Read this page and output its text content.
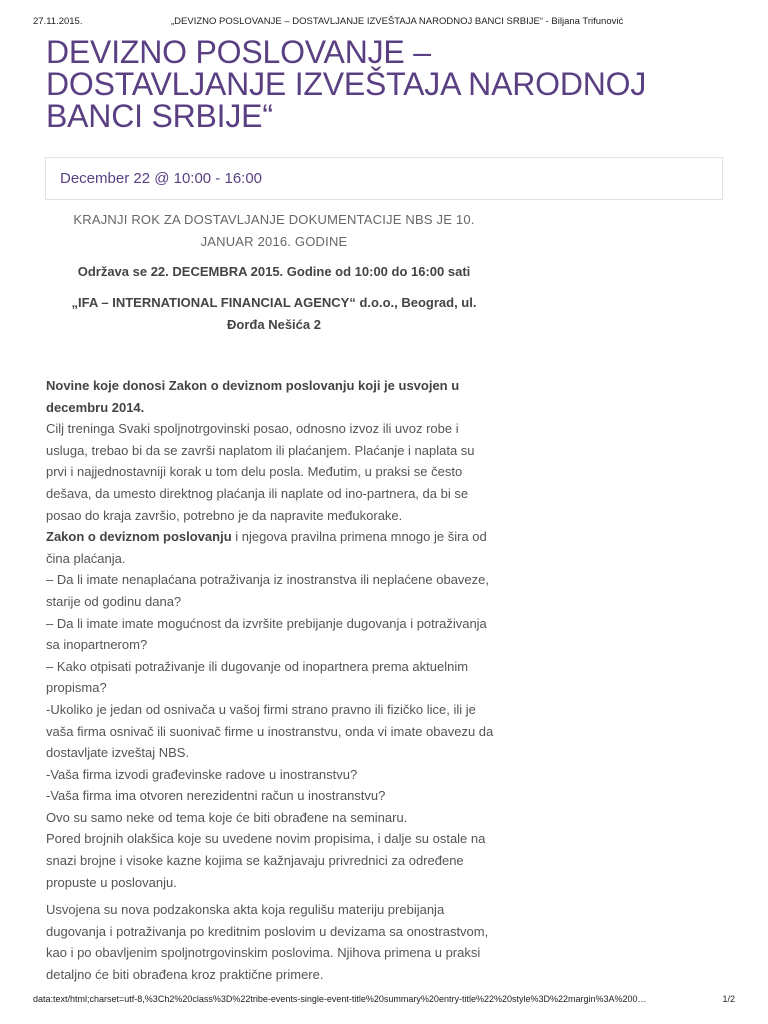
27.11.2015.	„DEVIZNO POSLOVANJE – DOSTAVLJANJE IZVEŠTAJA NARODNOJ BANCI SRBIJE“ - Biljana Trifunović
DEVIZNO POSLOVANJE –
DOSTAVLJANJE IZVEŠTAJA NARODNOJ
BANCI SRBIJE“
December 22 @ 10:00 - 16:00
KRAJNJI ROK ZA DOSTAVLJANJE DOKUMENTACIJE NBS JE 10.
JANUAR 2016. GODINE
Održava se 22. DECEMBRA 2015. Godine od 10:00 do 16:00 sati
„IFA – INTERNATIONAL FINANCIAL AGENCY“ d.o.o., Beograd, ul.
Đorđa Nešića 2
Novine koje donosi Zakon o deviznom poslovanju koji je usvojen u
decembru 2014.
Cilj treninga Svaki spoljnotrgovinski posao, odnosno izvoz ili uvoz robe i
usluga, trebao bi da se završi naplatom ili plaćanjem. Plaćanje i naplata su
prvi i najjednostavniji korak u tom delu posla. Međutim, u praksi se često
dešava, da umesto direktnog plaćanja ili naplate od ino-partnera, da bi se
posao do kraja završio, potrebno je da napravite međukorake.
Zakon o deviznom poslovanju i njegova pravilna primena mnogo je šira od
čina plaćanja.
– Da li imate nenaplaćana potraživanja iz inostranstva ili neplaćene obaveze,
starije od godinu dana?
– Da li imate imate mogućnost da izvršite prebijanje dugovanja i potraživanja
sa inopartnerom?
– Kako otpisati potraživanje ili dugovanje od inopartnera prema aktuelnim
propisma?
-Ukoliko je jedan od osnivača u vašoj firmi strano pravno ili fizičko lice, ili je
vaša firma osnivač ili suonivač firme u inostranstvu, onda vi imate obavezu da
dostavljate izveštaj NBS.
-Vaša firma izvodi građevinske radove u inostranstvu?
-Vaša firma ima otvoren nerezidentni račun u inostranstvu?
Ovo su samo neke od tema koje će biti obrađene na seminaru.
Pored brojnih olakšica koje su uvedene novim propisima, i dalje su ostale na
snazi brojne i visoke kazne kojima se kažnjavaju privrednici za određene
propuste u poslovanju.
Usvojena su nova podzakonska akta koja regulišu materiju prebijanja
dugovanja i potraživanja po kreditnim poslovim u devizama sa onostrastvom,
kao i po obavljenim spoljnotrgovinskim poslovima. Njihova primena u praksi
detaljno će biti obrađena kroz praktične primere.
data:text/html;charset=utf-8,%3Ch2%20class%3D%22tribe-events-single-event-title%20summary%20entry-title%22%20style%3D%22margin%3A%200…	1/2
